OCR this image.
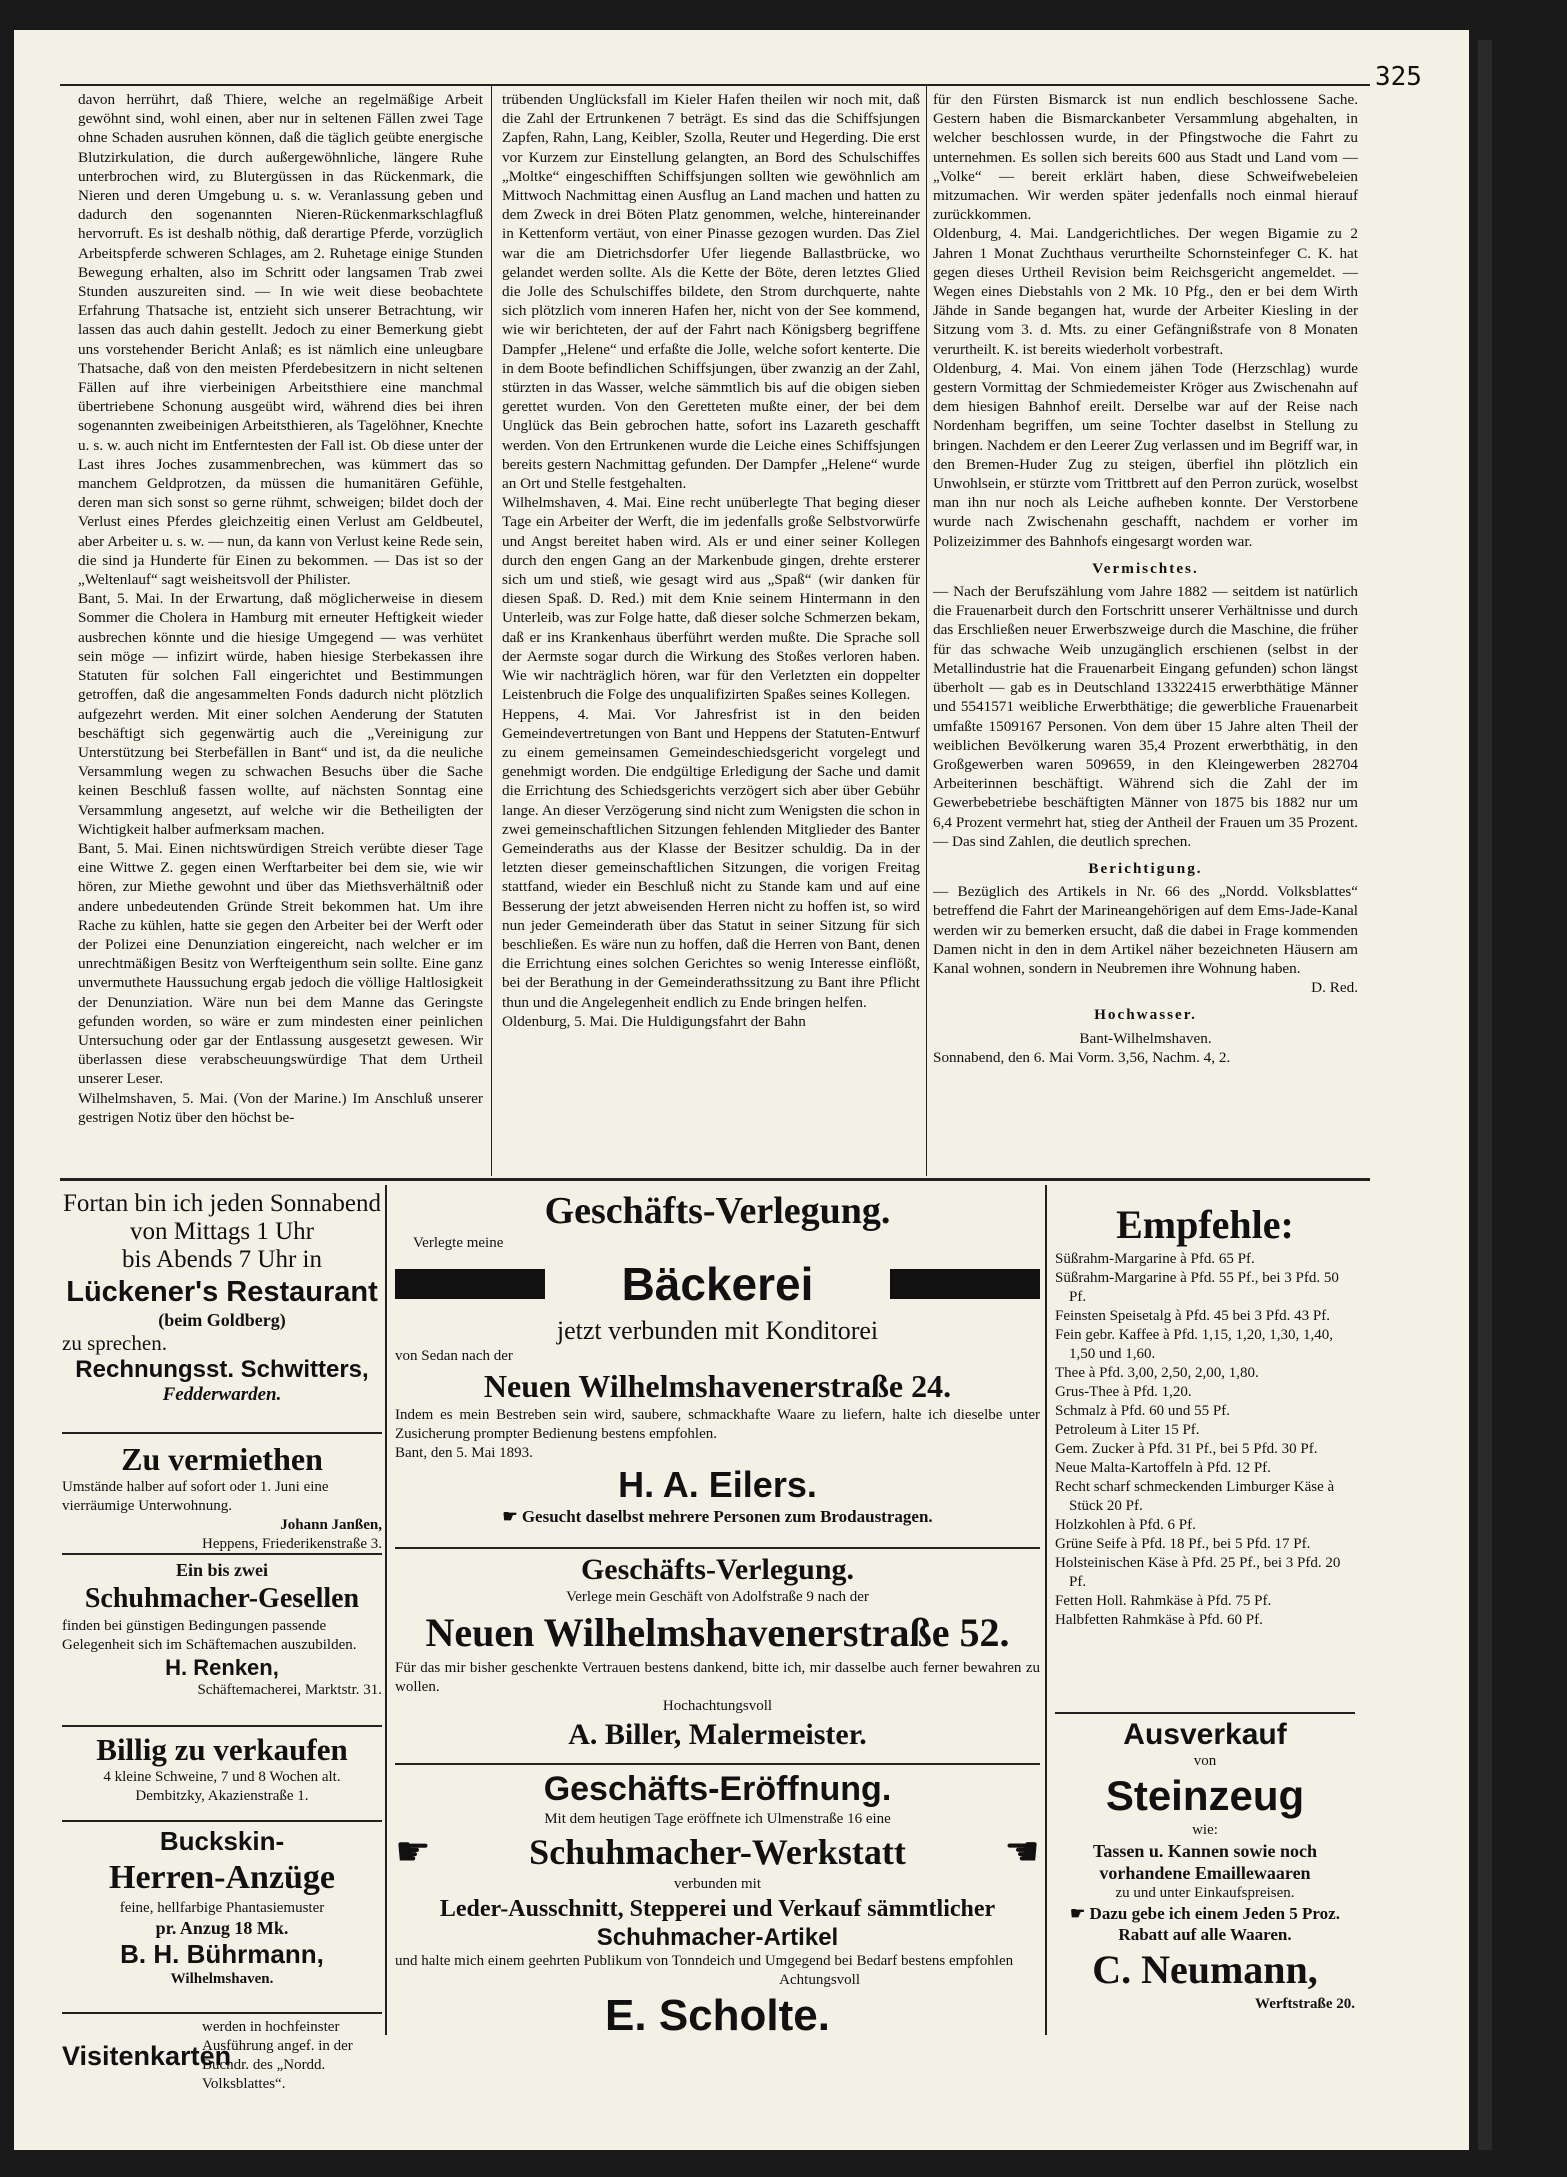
325

davon herrührt, daß Thiere, welche an regelmäßige Arbeit gewöhnt sind, wohl einen, aber nur in seltenen Fällen zwei Tage ohne Schaden ausruhen können, daß die täglich geübte energische Blutzirkulation, die durch außergewöhnliche, längere Ruhe unterbrochen wird, zu Blutergüssen in das Rückenmark, die Nieren und deren Umgebung u. s. w. Veranlassung geben und dadurch den sogenannten Nieren-Rückenmarkschlagfluß hervorruft. Es ist deshalb nöthig, daß derartige Pferde, vorzüglich Arbeitspferde schweren Schlages, am 2. Ruhetage einige Stunden Bewegung erhalten, also im Schritt oder langsamen Trab zwei Stunden auszureiten sind. — In wie weit diese beobachtete Erfahrung Thatsache ist, entzieht sich unserer Betrachtung, wir lassen das auch dahin gestellt. Jedoch zu einer Bemerkung giebt uns vorstehender Bericht Anlaß; es ist nämlich eine unleugbare Thatsache, daß von den meisten Pferdebesitzern in nicht seltenen Fällen auf ihre vierbeinigen Arbeitsthiere eine manchmal übertriebene Schonung ausgeübt wird, während dies bei ihren sogenannten zweibeinigen Arbeitsthieren, als Tagelöhner, Knechte u. s. w. auch nicht im Entferntesten der Fall ist. Ob diese unter der Last ihres Joches zusammenbrechen, was kümmert das so manchem Geldprotzen, da müssen die humanitären Gefühle, deren man sich sonst so gerne rühmt, schweigen; bildet doch der Verlust eines Pferdes gleichzeitig einen Verlust am Geldbeutel, aber Arbeiter u. s. w. — nun, da kann von Verlust keine Rede sein, die sind ja Hunderte für Einen zu bekommen. — Das ist so der „Weltenlauf“ sagt weisheitsvoll der Philister.

Bant, 5. Mai. In der Erwartung, daß möglicherweise in diesem Sommer die Cholera in Hamburg mit erneuter Heftigkeit wieder ausbrechen könnte und die hiesige Umgegend — was verhütet sein möge — infizirt würde, haben hiesige Sterbekassen ihre Statuten für solchen Fall eingerichtet und Bestimmungen getroffen, daß die angesammelten Fonds dadurch nicht plötzlich aufgezehrt werden. Mit einer solchen Aenderung der Statuten beschäftigt sich gegenwärtig auch die „Vereinigung zur Unterstützung bei Sterbefällen in Bant“ und ist, da die neuliche Versammlung wegen zu schwachen Besuchs über die Sache keinen Beschluß fassen wollte, auf nächsten Sonntag eine Versammlung angesetzt, auf welche wir die Betheiligten der Wichtigkeit halber aufmerksam machen.

Bant, 5. Mai. Einen nichtswürdigen Streich verübte dieser Tage eine Wittwe Z. gegen einen Werftarbeiter bei dem sie, wie wir hören, zur Miethe gewohnt und über das Miethsverhältniß oder andere unbedeutenden Gründe Streit bekommen hat. Um ihre Rache zu kühlen, hatte sie gegen den Arbeiter bei der Werft oder der Polizei eine Denunziation eingereicht, nach welcher er im unrechtmäßigen Besitz von Werfteigenthum sein sollte. Eine ganz unvermuthete Haussuchung ergab jedoch die völlige Haltlosigkeit der Denunziation. Wäre nun bei dem Manne das Geringste gefunden worden, so wäre er zum mindesten einer peinlichen Untersuchung oder gar der Entlassung ausgesetzt gewesen. Wir überlassen diese verabscheuungswürdige That dem Urtheil unserer Leser.

Wilhelmshaven, 5. Mai. (Von der Marine.) Im Anschluß unserer gestrigen Notiz über den höchst be-

trübenden Unglücksfall im Kieler Hafen theilen wir noch mit, daß die Zahl der Ertrunkenen 7 beträgt. Es sind das die Schiffsjungen Zapfen, Rahn, Lang, Keibler, Szolla, Reuter und Hegerding. Die erst vor Kurzem zur Einstellung gelangten, an Bord des Schulschiffes „Moltke“ eingeschifften Schiffsjungen sollten wie gewöhnlich am Mittwoch Nachmittag einen Ausflug an Land machen und hatten zu dem Zweck in drei Böten Platz genommen, welche, hintereinander in Kettenform vertäut, von einer Pinasse gezogen wurden. Das Ziel war die am Dietrichsdorfer Ufer liegende Ballastbrücke, wo gelandet werden sollte. Als die Kette der Böte, deren letztes Glied die Jolle des Schulschiffes bildete, den Strom durchquerte, nahte sich plötzlich vom inneren Hafen her, nicht von der See kommend, wie wir berichteten, der auf der Fahrt nach Königsberg begriffene Dampfer „Helene“ und erfaßte die Jolle, welche sofort kenterte. Die in dem Boote befindlichen Schiffsjungen, über zwanzig an der Zahl, stürzten in das Wasser, welche sämmtlich bis auf die obigen sieben gerettet wurden. Von den Geretteten mußte einer, der bei dem Unglück das Bein gebrochen hatte, sofort ins Lazareth geschafft werden. Von den Ertrunkenen wurde die Leiche eines Schiffsjungen bereits gestern Nachmittag gefunden. Der Dampfer „Helene“ wurde an Ort und Stelle festgehalten.

Wilhelmshaven, 4. Mai. Eine recht unüberlegte That beging dieser Tage ein Arbeiter der Werft, die im jedenfalls große Selbstvorwürfe und Angst bereitet haben wird. Als er und einer seiner Kollegen durch den engen Gang an der Markenbude gingen, drehte ersterer sich um und stieß, wie gesagt wird aus „Spaß“ (wir danken für diesen Spaß. D. Red.) mit dem Knie seinem Hintermann in den Unterleib, was zur Folge hatte, daß dieser solche Schmerzen bekam, daß er ins Krankenhaus überführt werden mußte. Die Sprache soll der Aermste sogar durch die Wirkung des Stoßes verloren haben. Wie wir nachträglich hören, war für den Verletzten ein doppelter Leistenbruch die Folge des unqualifizirten Spaßes seines Kollegen.

Heppens, 4. Mai. Vor Jahresfrist ist in den beiden Gemeindevertretungen von Bant und Heppens der Statuten-Entwurf zu einem gemeinsamen Gemeindeschiedsgericht vorgelegt und genehmigt worden. Die endgültige Erledigung der Sache und damit die Errichtung des Schiedsgerichts verzögert sich aber über Gebühr lange. An dieser Verzögerung sind nicht zum Wenigsten die schon in zwei gemeinschaftlichen Sitzungen fehlenden Mitglieder des Banter Gemeinderaths aus der Klasse der Besitzer schuldig. Da in der letzten dieser gemeinschaftlichen Sitzungen, die vorigen Freitag stattfand, wieder ein Beschluß nicht zu Stande kam und auf eine Besserung der jetzt abweisenden Herren nicht zu hoffen ist, so wird nun jeder Gemeinderath über das Statut in seiner Sitzung für sich beschließen. Es wäre nun zu hoffen, daß die Herren von Bant, denen die Errichtung eines solchen Gerichtes so wenig Interesse einflößt, bei der Berathung in der Gemeinderathssitzung zu Bant ihre Pflicht thun und die Angelegenheit endlich zu Ende bringen helfen.

Oldenburg, 5. Mai. Die Huldigungsfahrt der Bahn

für den Fürsten Bismarck ist nun endlich beschlossene Sache. Gestern haben die Bismarckanbeter Versammlung abgehalten, in welcher beschlossen wurde, in der Pfingstwoche die Fahrt zu unternehmen. Es sollen sich bereits 600 aus Stadt und Land vom — „Volke“ — bereit erklärt haben, diese Schweifwebeleien mitzumachen. Wir werden später jedenfalls noch einmal hierauf zurückkommen.

Oldenburg, 4. Mai. Landgerichtliches. Der wegen Bigamie zu 2 Jahren 1 Monat Zuchthaus verurtheilte Schornsteinfeger C. K. hat gegen dieses Urtheil Revision beim Reichsgericht angemeldet. — Wegen eines Diebstahls von 2 Mk. 10 Pfg., den er bei dem Wirth Jähde in Sande begangen hat, wurde der Arbeiter Kiesling in der Sitzung vom 3. d. Mts. zu einer Gefängnißstrafe von 8 Monaten verurtheilt. K. ist bereits wiederholt vorbestraft.

Oldenburg, 4. Mai. Von einem jähen Tode (Herzschlag) wurde gestern Vormittag der Schmiedemeister Kröger aus Zwischenahn auf dem hiesigen Bahnhof ereilt. Derselbe war auf der Reise nach Nordenham begriffen, um seine Tochter daselbst in Stellung zu bringen. Nachdem er den Leerer Zug verlassen und im Begriff war, in den Bremen-Huder Zug zu steigen, überfiel ihn plötzlich ein Unwohlsein, er stürzte vom Trittbrett auf den Perron zurück, woselbst man ihn nur noch als Leiche aufheben konnte. Der Verstorbene wurde nach Zwischenahn geschafft, nachdem er vorher im Polizeizimmer des Bahnhofs eingesargt worden war.

Vermischtes.

— Nach der Berufszählung vom Jahre 1882 — seitdem ist natürlich die Frauenarbeit durch den Fortschritt unserer Verhältnisse und durch das Erschließen neuer Erwerbszweige durch die Maschine, die früher für das schwache Weib unzugänglich erschienen (selbst in der Metallindustrie hat die Frauenarbeit Eingang gefunden) schon längst überholt — gab es in Deutschland 13322415 erwerbthätige Männer und 5541571 weibliche Erwerbthätige; die gewerbliche Frauenarbeit umfaßte 1509167 Personen. Von dem über 15 Jahre alten Theil der weiblichen Bevölkerung waren 35,4 Prozent erwerbthätig, in den Großgewerben waren 509659, in den Kleingewerben 282704 Arbeiterinnen beschäftigt. Während sich die Zahl der im Gewerbebetriebe beschäftigten Männer von 1875 bis 1882 nur um 6,4 Prozent vermehrt hat, stieg der Antheil der Frauen um 35 Prozent. — Das sind Zahlen, die deutlich sprechen.

Berichtigung.

— Bezüglich des Artikels in Nr. 66 des „Nordd. Volksblattes“ betreffend die Fahrt der Marineangehörigen auf dem Ems-Jade-Kanal werden wir zu bemerken ersucht, daß die dabei in Frage kommenden Damen nicht in den in dem Artikel näher bezeichneten Häusern am Kanal wohnen, sondern in Neubremen ihre Wohnung haben.

D. Red.
Hochwasser.
Bant-Wilhelmshaven.
Sonnabend, den 6. Mai Vorm. 3,56, Nachm. 4, 2.
Fortan bin ich jeden Sonnabend von Mittags 1 Uhr
bis Abends 7 Uhr in
Lückener's Restaurant
(beim Goldberg)
zu sprechen.
Rechnungsst. Schwitters,
Fedderwarden.
Zu vermiethen
Umstände halber auf sofort oder 1. Juni eine vierräumige Unterwohnung.
Johann Janßen,
Heppens, Friederikenstraße 3.
Ein bis zwei
Schuhmacher-Gesellen
finden bei günstigen Bedingungen passende Gelegenheit sich im Schäftemachen auszubilden.
H. Renken,
Schäftemacherei, Marktstr. 31.
Billig zu verkaufen
4 kleine Schweine, 7 und 8 Wochen alt.
Dembitzky, Akazienstraße 1.
Buckskin-
Herren-Anzüge
feine, hellfarbige Phantasiemuster
pr. Anzug 18 Mk.
B. H. Bührmann,
Wilhelmshaven.
Visitenkarten
werden in hochfeinster Ausführung angef. in der Buchdr. des „Nordd. Volksblattes“.
Geschäfts-Verlegung.
Verlegte meine
Bäckerei
jetzt verbunden mit Konditorei
von Sedan nach der
Neuen Wilhelmshavenerstraße 24.
Indem es mein Bestreben sein wird, saubere, schmackhafte Waare zu liefern, halte ich dieselbe unter Zusicherung prompter Bedienung bestens empfohlen.
Bant, den 5. Mai 1893.
H. A. Eilers.
☛ Gesucht daselbst mehrere Personen zum Brodaustragen.
Geschäfts-Verlegung.
Verlege mein Geschäft von Adolfstraße 9 nach der
Neuen Wilhelmshavenerstraße 52.
Für das mir bisher geschenkte Vertrauen bestens dankend, bitte ich, mir dasselbe auch ferner bewahren zu wollen.
Hochachtungsvoll
A. Biller, Malermeister.
Geschäfts-Eröffnung.
Mit dem heutigen Tage eröffnete ich Ulmenstraße 16 eine
☛	Schuhmacher-Werkstatt ☚
verbunden mit
Leder-Ausschnitt, Stepperei und Verkauf sämmtlicher
Schuhmacher-Artikel
und halte mich einem geehrten Publikum von Tonndeich und Umgegend bei Bedarf bestens empfohlen
Achtungsvoll
E. Scholte.
Empfehle:
Süßrahm-Margarine à Pfd. 65 Pf.
Süßrahm-Margarine à Pfd. 55 Pf., bei 3 Pfd. 50 Pf.
Feinsten Speisetalg à Pfd. 45 bei 3 Pfd. 43 Pf.
Fein gebr. Kaffee à Pfd. 1,15, 1,20, 1,30, 1,40, 1,50 und 1,60.
Thee à Pfd. 3,00, 2,50, 2,00, 1,80.
Grus-Thee à Pfd. 1,20.
Schmalz à Pfd. 60 und 55 Pf.
Petroleum à Liter 15 Pf.
Gem. Zucker à Pfd. 31 Pf., bei 5 Pfd. 30 Pf.
Neue Malta-Kartoffeln à Pfd. 12 Pf.
Recht scharf schmeckenden Limburger Käse à Stück 20 Pf.
Holzkohlen à Pfd. 6 Pf.
Grüne Seife à Pfd. 18 Pf., bei 5 Pfd. 17 Pf.
Holsteinischen Käse à Pfd. 25 Pf., bei 3 Pfd. 20 Pf.
Fetten Holl. Rahmkäse à Pfd. 75 Pf.
Halbfetten Rahmkäse à Pfd. 60 Pf.
Ausverkauf
von
Steinzeug
wie:
Tassen u. Kannen sowie noch vorhandene Emaillewaaren
zu und unter Einkaufspreisen.
☛ Dazu gebe ich einem Jeden 5 Proz. Rabatt auf alle Waaren.
C. Neumann,
Werftstraße 20.
